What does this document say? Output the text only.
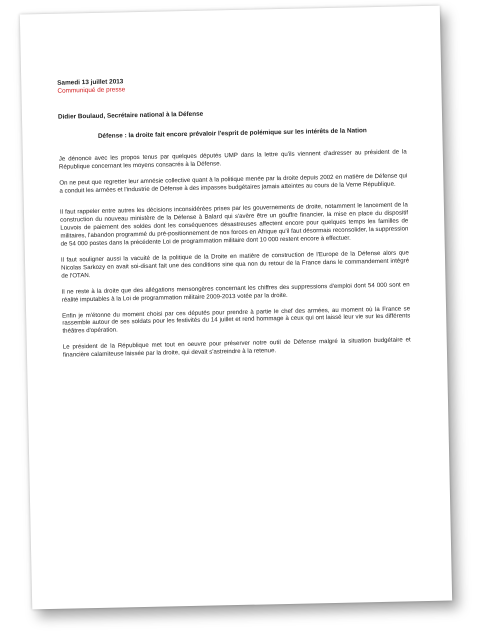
Samedi 13 juillet 2013
Communiqué de presse
Didier Boulaud, Secrétaire national à la Défense
Défense : la droite fait encore prévaloir l'esprit de polémique sur les intérêts de la Nation

Je dénonce avec les propos tenus par quelques députés UMP dans la lettre qu'ils viennent d'adresser au président de la République concernant les moyens consacrés à la Défense.

On ne peut que regretter leur amnésie collective quant à la politique menée par la droite depuis 2002 en matière de Défense qui a conduit les armées et l'industrie de Défense à des impasses budgétaires jamais atteintes au cours de la Veme République.

Il faut rappeler entre autres les décisions inconsidérées prises par les gouvernements de droite, notamment le lancement de la construction du nouveau ministère de la Défense à Balard qui s'avère être un gouffre financier, la mise en place du dispositif Louvois de paiement des soldes dont les conséquences désastreuses affectent encore pour quelques temps les familles de militaires, l'abandon programmé du pré-positionnement de nos forces en Afrique qu'il faut désormais reconsolider, la suppression de 54 000 postes dans la précédente Loi de programmation militaire dont 10 000 restent encore à effectuer.

Il faut souligner aussi la vacuité de la politique de la Droite en matière de construction de l'Europe de la Défense alors que Nicolas Sarkozy en avait soi-disant fait une des conditions sine qua non du retour de la France dans le commandement intégré de l'OTAN.

Il ne reste à la droite que des allégations mensongères concernant les chiffres des suppressions d'emploi dont 54 000 sont en réalité imputables à la Loi de programmation militaire 2009-2013 votée par la droite.

Enfin je m'étonne du moment choisi par ces députés pour prendre à partie le chef des armées, au moment où la France se rassemble autour de ses soldats pour les festivités du 14 juillet et rend hommage à ceux qui ont laissé leur vie sur les différents théâtres d'opération.

Le président de la République met tout en oeuvre pour préserver notre outil de Défense malgré la situation budgétaire et financière calamiteuse laissée par la droite, qui devait s'astreindre à la retenue.
